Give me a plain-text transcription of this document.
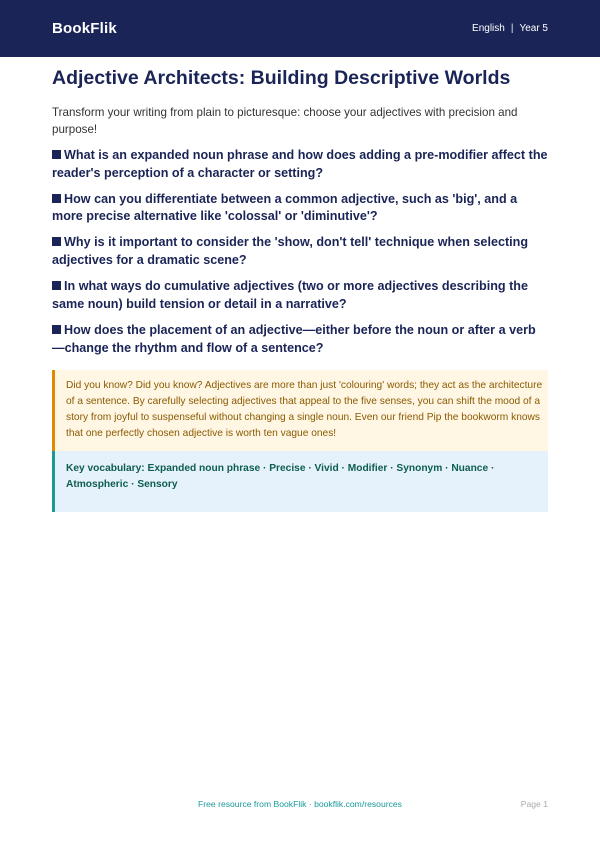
BookFlik	English | Year 5
Adjective Architects: Building Descriptive Worlds

Transform your writing from plain to picturesque: choose your adjectives with precision and purpose!

What is an expanded noun phrase and how does adding a pre-modifier affect the reader's perception of a character or setting?
How can you differentiate between a common adjective, such as 'big', and a more precise alternative like 'colossal' or 'diminutive'?
Why is it important to consider the 'show, don't tell' technique when selecting adjectives for a dramatic scene?
In what ways do cumulative adjectives (two or more adjectives describing the same noun) build tension or detail in a narrative?
How does the placement of an adjective—either before the noun or after a verb—change the rhythm and flow of a sentence?

Did you know? Did you know? Adjectives are more than just 'colouring' words; they act as the architecture of a sentence. By carefully selecting adjectives that appeal to the five senses, you can shift the mood of a story from joyful to suspenseful without changing a single noun. Even our friend Pip the bookworm knows that one perfectly chosen adjective is worth ten vague ones!

Key vocabulary: Expanded noun phrase · Precise · Vivid · Modifier · Synonym · Nuance · Atmospheric · Sensory

Free resource from BookFlik · bookflik.com/resources	Page 1
